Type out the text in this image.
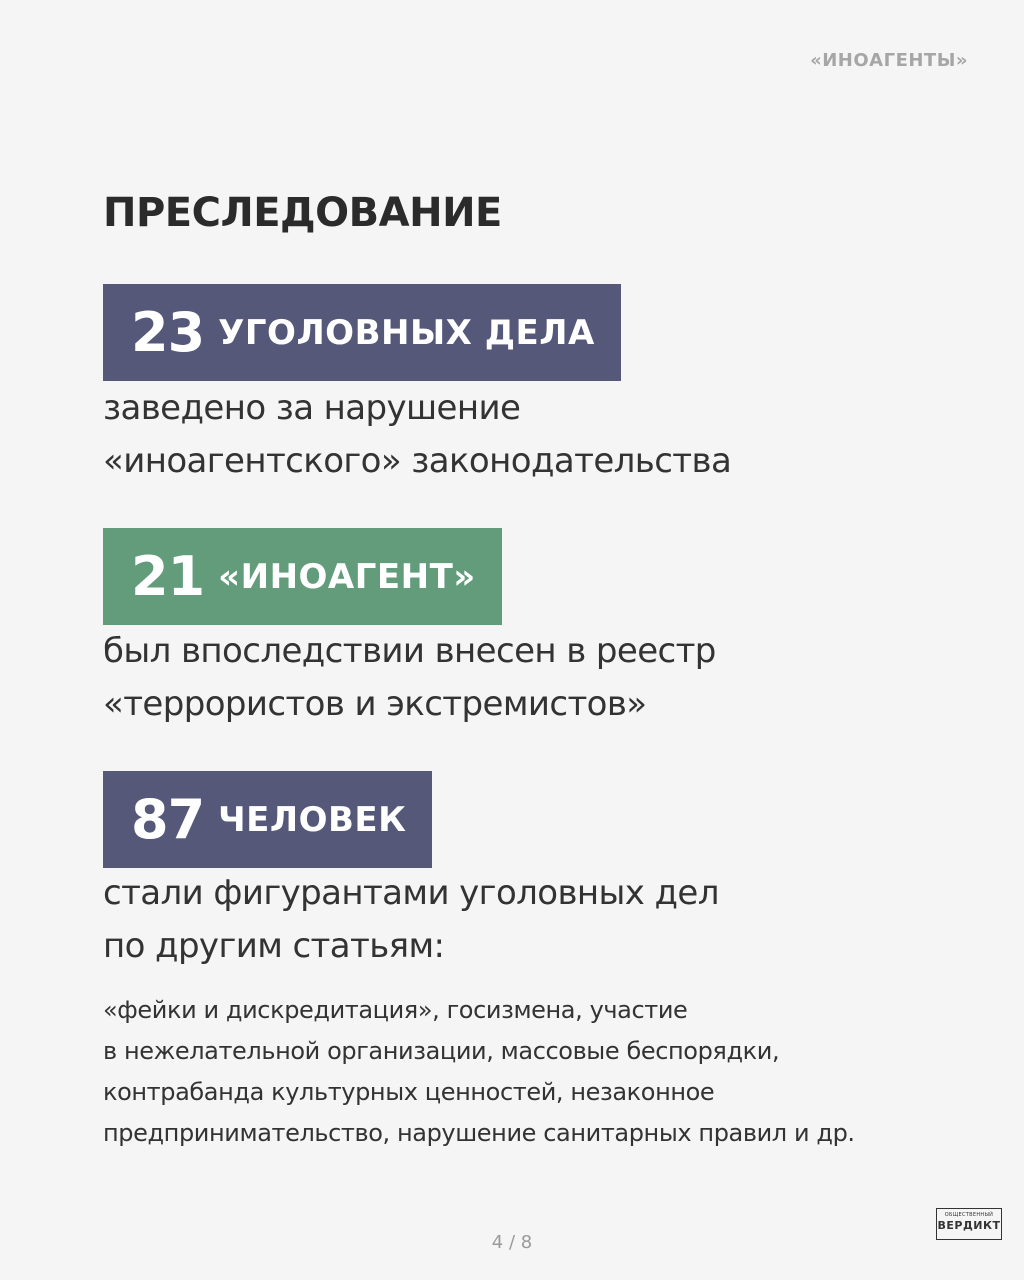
«ИНОАГЕНТЫ»
ПРЕСЛЕДОВАНИЕ
23 УГОЛОВНЫХ ДЕЛА
заведено за нарушение
«иноагентского» законодательства
21 «ИНОАГЕНТ»
был впоследствии внесен в реестр
«террористов и экстремистов»
87 ЧЕЛОВЕК
стали фигурантами уголовных дел
по другим статьям:
«фейки и дискредитация», госизмена, участие
в нежелательной организации, массовые беспорядки,
контрабанда культурных ценностей, незаконное
предпринимательство, нарушение санитарных правил и др.
4 / 8
ОБЩЕСТВЕННЫЙ
ВЕРДИКТ
